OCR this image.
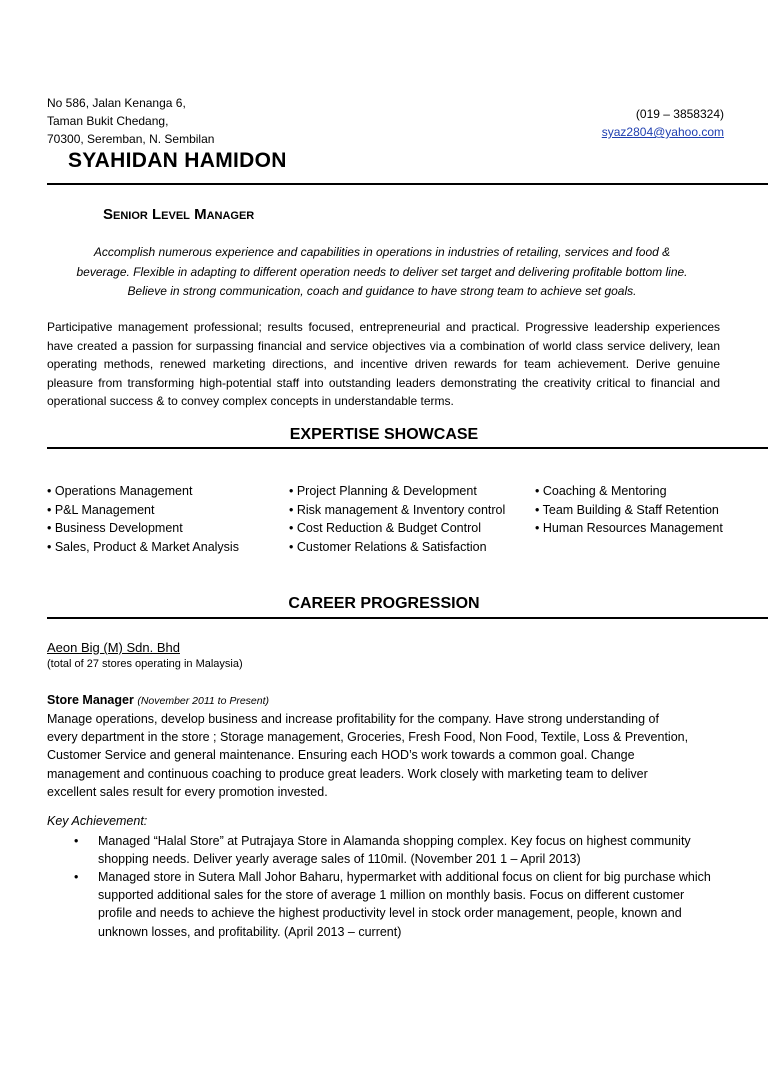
No 586, Jalan Kenanga 6,
Taman Bukit Chedang,
70300, Seremban, N. Sembilan
(019 – 3858324)
syaz2804@yahoo.com
SYAHIDAN HAMIDON
Senior Level Manager
Accomplish numerous experience and capabilities in operations in industries of retailing, services and food &
beverage. Flexible in adapting to different operation needs to deliver set target and delivering profitable bottom line.
Believe in strong communication, coach and guidance to have strong team to achieve set goals.
Participative management professional; results focused, entrepreneurial and practical. Progressive leadership experiences have created a passion for surpassing financial and service objectives via a combination of world class service delivery, lean operating methods, renewed marketing directions, and incentive driven rewards for team achievement. Derive genuine pleasure from transforming high-potential staff into outstanding leaders demonstrating the creativity critical to financial and operational success & to convey complex concepts in understandable terms.
EXPERTISE SHOWCASE
• Operations Management
• P&L Management
• Business Development
• Sales, Product & Market Analysis
• Project Planning & Development
• Risk management & Inventory control
• Cost Reduction & Budget Control
• Customer Relations & Satisfaction
• Coaching & Mentoring
• Team Building & Staff Retention
• Human Resources Management
CAREER PROGRESSION
Aeon Big (M) Sdn. Bhd
(total of 27 stores operating in Malaysia)
Store Manager (November 2011 to Present)
Manage operations, develop business and increase profitability for the company. Have strong understanding of
every department in the store ; Storage management, Groceries, Fresh Food, Non Food, Textile, Loss & Prevention,
Customer Service and general maintenance. Ensuring each HOD’s work towards a common goal. Change
management and continuous coaching to produce great leaders. Work closely with marketing team to deliver
excellent sales result for every promotion invested.
Key Achievement:
• Managed “Halal Store” at Putrajaya Store in Alamanda shopping complex. Key focus on highest community
shopping needs. Deliver yearly average sales of 110mil. (November 201 1 – April 2013)
• Managed store in Sutera Mall Johor Baharu, hypermarket with additional focus on client for big purchase which
supported additional sales for the store of average 1 million on monthly basis. Focus on different customer
profile and needs to achieve the highest productivity level in stock order management, people, known and
unknown losses, and profitability. (April 2013 – current)
